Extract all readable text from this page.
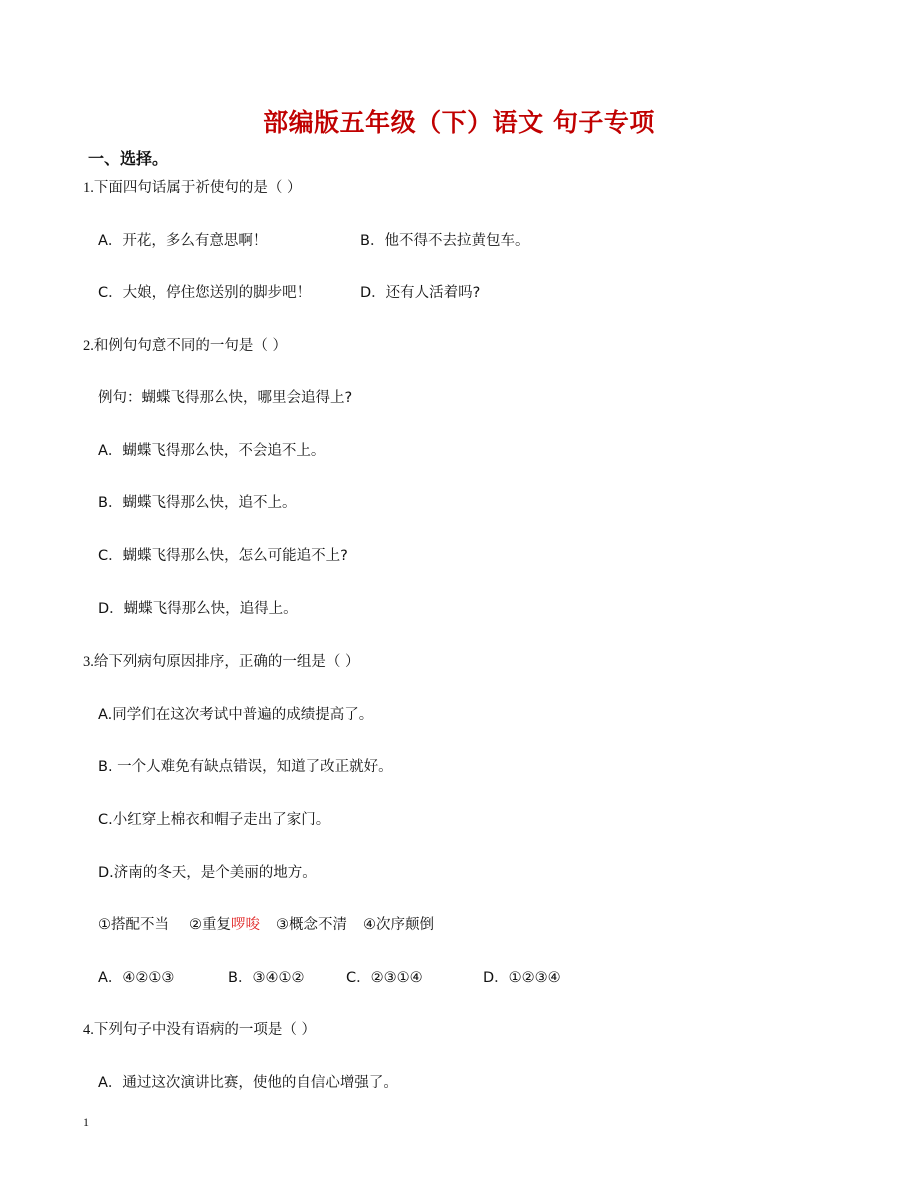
部编版五年级（下）语文 句子专项
一、选择。
1.下面四句话属于祈使句的是（ ）
A．开花，多么有意思啊！	B．他不得不去拉黄包车。
C．大娘，停住您送别的脚步吧！	D．还有人活着吗?
2.和例句句意不同的一句是（ ）
例句：蝴蝶飞得那么快，哪里会追得上?
A．蝴蝶飞得那么快，不会追不上。
B．蝴蝶飞得那么快，追不上。
C．蝴蝶飞得那么快，怎么可能追不上?
D．蝴蝶飞得那么快，追得上。
3.给下列病句原因排序，正确的一组是（ ）
A.同学们在这次考试中普遍的成绩提高了。
B. 一个人难免有缺点错误，知道了改正就好。
C.小红穿上棉衣和帽子走出了家门。
D.济南的冬天，是个美丽的地方。
①搭配不当 ②重复啰唆 ③概念不清 ④次序颠倒
A．④②①③	B．③④①②	C．②③①④	D．①②③④
4.下列句子中没有语病的一项是（ ）
A．通过这次演讲比赛，使他的自信心增强了。
1
